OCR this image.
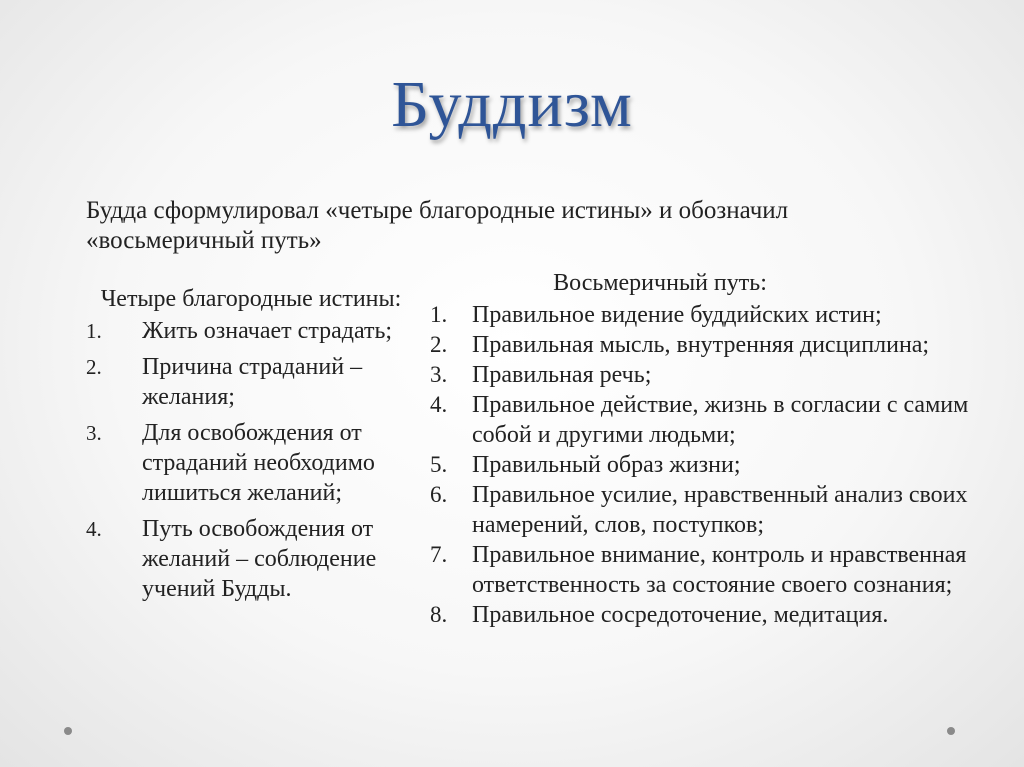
Буддизм
Будда сформулировал «четыре благородные истины» и обозначил «восьмеричный путь»
Четыре благородные истины:
1.	Жить означает страдать;
2.	Причина страданий – желания;
3.	Для освобождения от страданий необходимо лишиться желаний;
4.	Путь освобождения от желаний – соблюдение учений Будды.
Восьмеричный путь:
1.	Правильное видение буддийских истин;
2.	Правильная мысль, внутренняя дисциплина;
3.	Правильная речь;
4.	Правильное действие, жизнь в согласии с самим собой и другими людьми;
5.	Правильный образ жизни;
6.	Правильное усилие, нравственный анализ своих намерений, слов, поступков;
7.	Правильное внимание, контроль и нравственная ответственность за состояние своего сознания;
8.	Правильное сосредоточение, медитация.
